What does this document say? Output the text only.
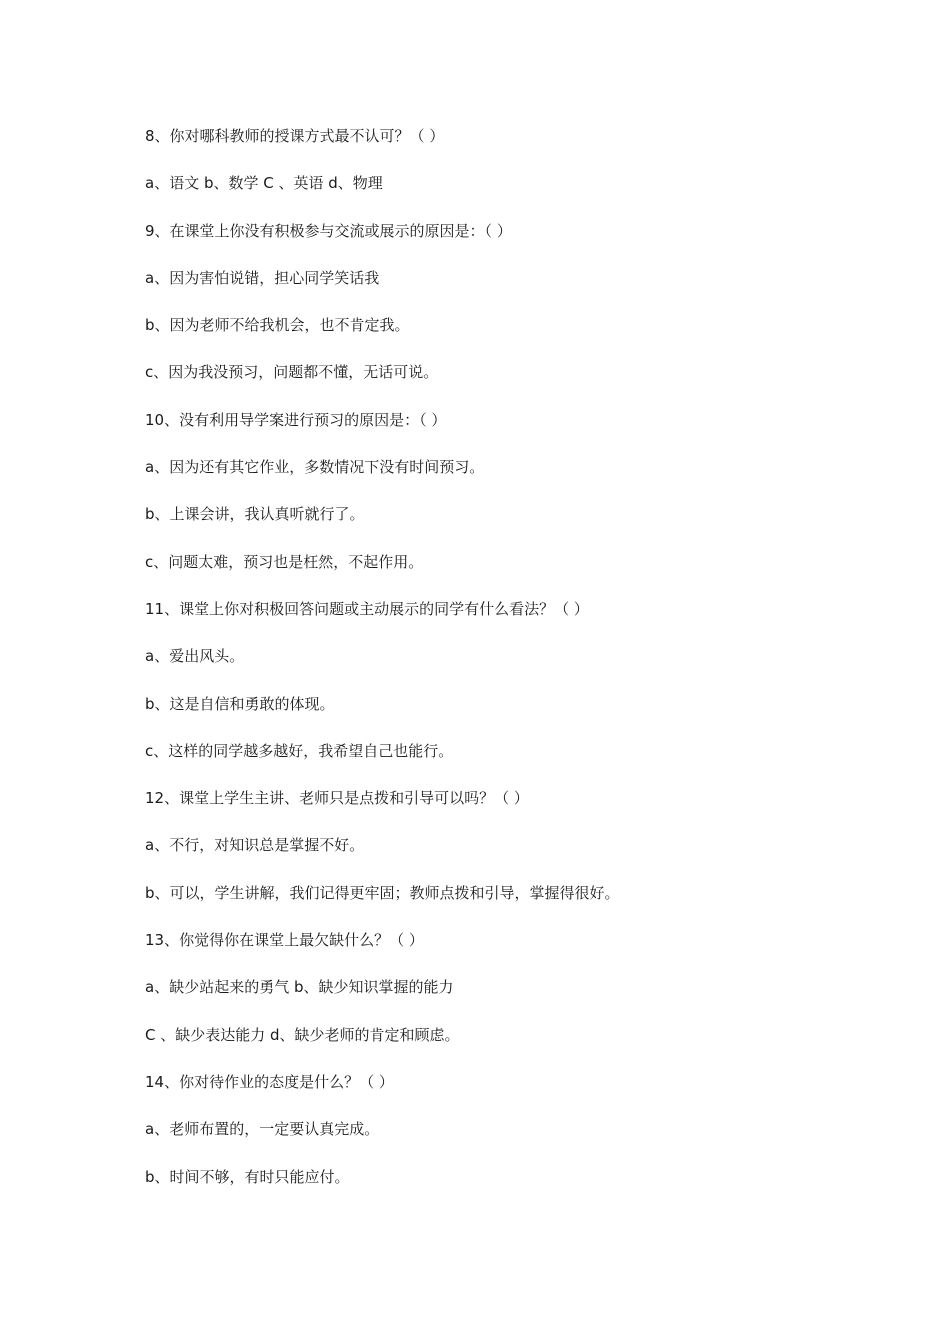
8、你对哪科教师的授课方式最不认可？（ ）
a、语文 b、数学 C 、英语 d、物理
9、在课堂上你没有积极参与交流或展示的原因是：（ ）
a、因为害怕说错，担心同学笑话我
b、因为老师不给我机会，也不肯定我。
c、因为我没预习，问题都不懂，无话可说。
10、没有利用导学案进行预习的原因是：（ ）
a、因为还有其它作业，多数情况下没有时间预习。
b、上课会讲，我认真听就行了。
c、问题太难，预习也是枉然，不起作用。
11、课堂上你对积极回答问题或主动展示的同学有什么看法？（ ）
a、爱出风头。
b、这是自信和勇敢的体现。
c、这样的同学越多越好，我希望自己也能行。
12、课堂上学生主讲、老师只是点拨和引导可以吗？（ ）
a、不行，对知识总是掌握不好。
b、可以，学生讲解，我们记得更牢固；教师点拨和引导，掌握得很好。
13、你觉得你在课堂上最欠缺什么？（ ）
a、缺少站起来的勇气 b、缺少知识掌握的能力
C 、缺少表达能力 d、缺少老师的肯定和顾虑。
14、你对待作业的态度是什么？（ ）
a、老师布置的，一定要认真完成。
b、时间不够，有时只能应付。
